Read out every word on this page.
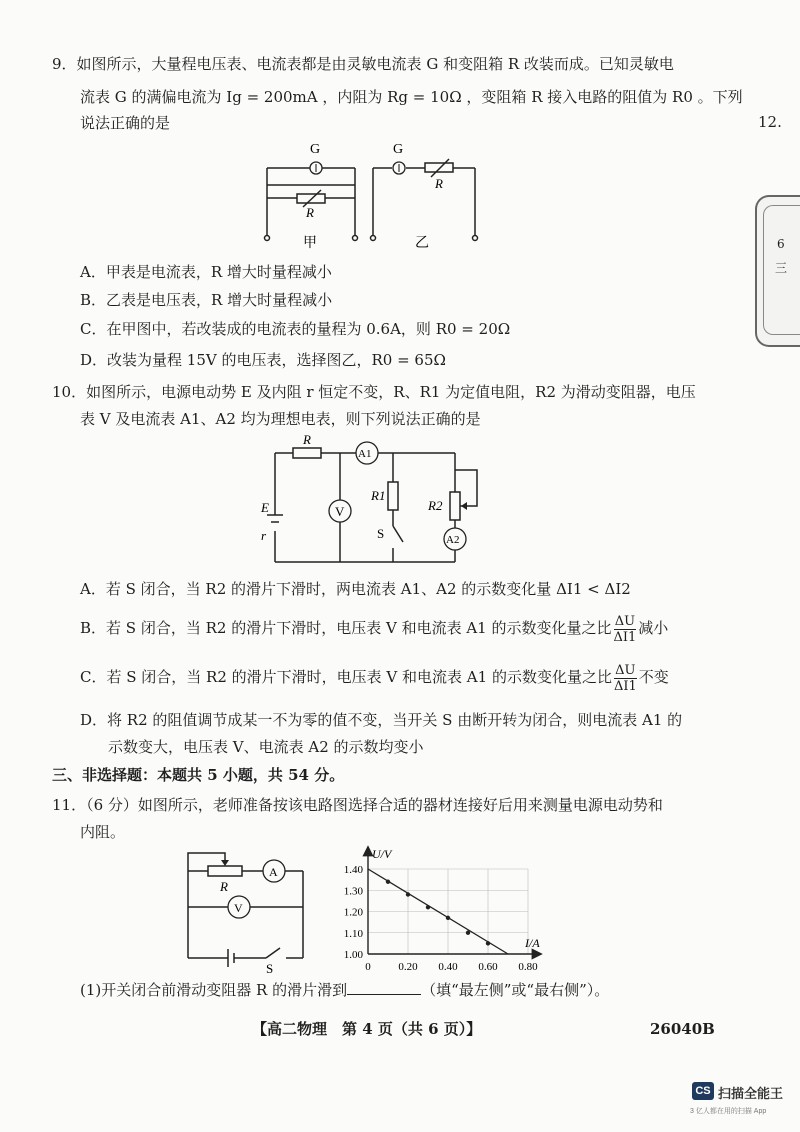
9．如图所示，大量程电压表、电流表都是由灵敏电流表 G 和变阻箱 R 改装而成。已知灵敏电
流表 G 的满偏电流为 Ig = 200mA ，内阻为 Rg = 10Ω ，变阻箱 R 接入电路的阻值为 R0 。下列
说法正确的是
G	G
R
R
甲	乙
A．甲表是电流表，R 增大时量程减小
B．乙表是电压表，R 增大时量程减小
C．在甲图中，若改装成的电流表的量程为 0.6A，则 R0 = 20Ω
D．改装为量程 15V 的电压表，选择图乙，R0 = 65Ω
12.
6
三
10．如图所示，电源电动势 E 及内阻 r 恒定不变，R、R1 为定值电阻，R2 为滑动变阻器，电压
表 V 及电流表 A1、A2 均为理想电表，则下列说法正确的是
R
A1
R1
R2
V
E
r	S	A2
A．若 S 闭合，当 R2 的滑片下滑时，两电流表 A1、A2 的示数变化量 ΔI1 < ΔI2
B．若 S 闭合，当 R2 的滑片下滑时，电压表 V 和电流表 A1 的示数变化量之比 $\frac{\Delta U}{\Delta I1}$ 减小
C．若 S 闭合，当 R2 的滑片下滑时，电压表 V 和电流表 A1 的示数变化量之比 $\frac{\Delta U}{\Delta I1}$ 不变
D．将 R2 的阻值调节成某一不为零的值不变，当开关 S 由断开转为闭合，则电流表 A1 的
示数变大，电压表 V、电流表 A2 的示数均变小
三、非选择题：本题共 5 小题，共 54 分。
11．（6 分）如图所示，老师准备按该电路图选择合适的器材连接好后用来测量电源电动势和
内阻。
R
A
V
S	0	0.20 0.40 0.60 0.80
1.00
1.10
1.20
1.30
1.40
U/V
I/A
(1)开关闭合前滑动变阻器 R 的滑片滑到	（填“最左侧”或“最右侧”）。
【高二物理　第 4 页（共 6 页）】	26040B
CS 扫描全能王
3 亿人都在用的扫描 App
